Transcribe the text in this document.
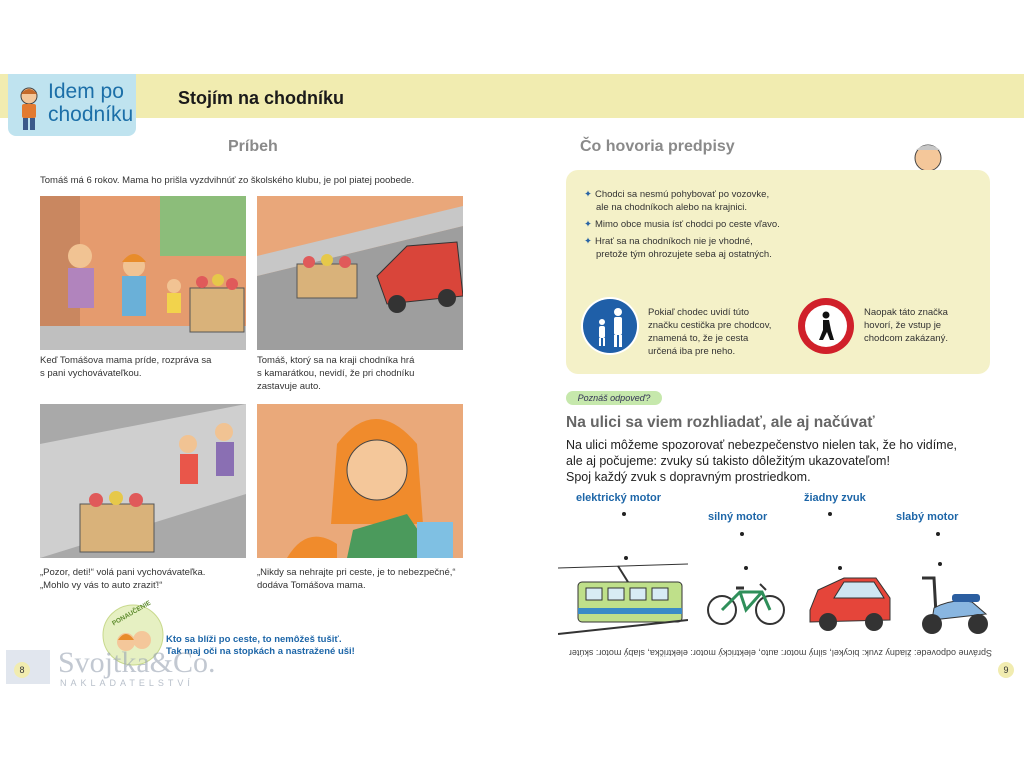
Idem po
chodníku
Stojím na chodníku
Príbeh
Tomáš má 6 rokov. Mama ho prišla vyzdvihnúť zo školského klubu, je pol piatej poobede.
Keď Tomášova mama príde, rozpráva sa
s pani vychovávateľkou.
Tomáš, ktorý sa na kraji chodníka hrá
s kamarátkou, nevidí, že pri chodníku
zastavuje auto.
„Pozor, deti!“ volá pani vychovávateľka.
„Mohlo vy vás to auto zraziť!“
„Nikdy sa nehrajte pri ceste, je to nebezpečné,“
dodáva Tomášova mama.
PONAUČENIE
Kto sa blíži po ceste, to nemôžeš tušiť.
Tak maj oči na stopkách a nastražené uši!
8 Svojtka&Co.
NAKLADATELSTVÍ
Čo hovoria predpisy
✦ Chodci sa nesmú pohybovať po vozovke,
ale na chodníkoch alebo na krajnici.
✦ Mimo obce musia ísť chodci po ceste vľavo.
✦ Hrať sa na chodníkoch nie je vhodné,
pretože tým ohrozujete seba aj ostatných.
Pokiaľ chodec uvidí túto
značku cestička pre chodcov,
znamená to, že je cesta
určená iba pre neho.
Naopak táto značka
hovorí, že vstup je
chodcom zakázaný.
Poznáš odpoveď?
Na ulici sa viem rozhliadať, ale aj načúvať
Na ulici môžeme spozorovať nebezpečenstvo nielen tak, že ho vidíme,
ale aj počujeme: zvuky sú takisto dôležitým ukazovateľom!
Spoj každý zvuk s dopravným prostriedkom.
elektrický motor
silný motor
žiadny zvuk
slabý motor
Správne odpovede: žiadny zvuk: bicykel, silný motor: auto, elektrický motor: električka, slabý motor: skúter
9
